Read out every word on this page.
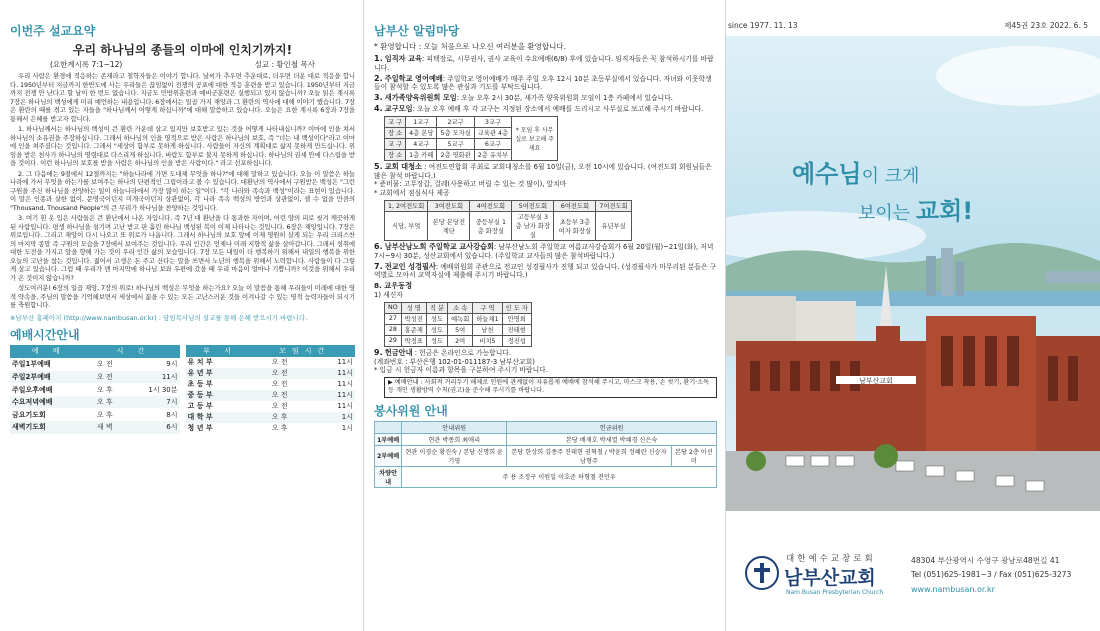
이번주 설교요약
우리 하나님의 종들의 이마에 인치기까지!
(요한계시록 7:1~12)	설교 : 황인철 목사

우리 사람은 환경에 적응하는 존재라고 철학자들은 이야기 합니다. 날씨가 추우면 추운대로, 더우면 더운 대로 적응을 합니다. 1950년부터 지금까지 한반도에 사는 우리들은 끊임없이 전쟁의 공포에 대한 적응 훈련을 받고 있습니다. 1950년부터 지금까지 전쟁 안 난다고 할 날이 한 번도 없습니다. 지금도 민방위훈련과 예비군훈련은 실행되고 있지 않습니까? 오늘 읽은 계시록 7장은 하나님의 백성에게 미리 예언하는 내용입니다. 6장에서는 일곱 가지 재앙과 그 환란의 역사에 대해 이야기 했습니다. 7장은 환란의 때를 겪고 있는 자들을 "하나님께서 어떻게 하십니까"에 대해 말씀하고 있습니다. 오늘은 요한 계시록 6장과 7장을 통해서 은혜를 받고자 합니다.

1. 하나님께서는 하나님의 백성이 큰 환란 가운데 살고 있지만 보호받고 있는 것을 어떻게 나타내십니까? 이마에 인을 쳐서 하나님의 소유권을 주장하십니다. 그래서 하나님의 인을 영적으로 받은 사람은 하나님의 보호, 즉 "너는 내 백성이다"라고 이마에 인을 쳐주셨다는 것입니다. 그래서 "세상이 함부로 못하게 하십니다. 사람들이 자신의 계획대로 삶지 못하게 만드십니다. 위임을 받은 천사가 하나님의 명령대로 다스리게 하십니다. 바람도 함부로 불지 못하게 하십니다. 하나님의 권세 안에 다스림을 받을 것이다. 이런 하나님의 보호를 받을 사람은 하나님의 인을 받은 사람이다." 라고 선포하십니다.

2. 그 다음에는 9절에서 12절까지는 "하늘나라에 가면 도대체 무엇을 하나?"에 대해 말하고 있습니다. 오늘 이 말씀은 하늘나라에 가서 무엇을 하는가를 보여주는 하나의 단편적인 그림이라고 볼 수 있습니다. 대환난의 역사에서 구원받은 백성은 "그런 구원을 주신 하나님을 찬양하는 일이 하늘나라에서 가장 많이 하는 일"이다. "각 나라와 족속과 백성"이라는 표현이 있습니다. 이 말은 인종과 살한 없이, 문명국이던지 미개국이던지 상관없이, 각 나라 족속 백성의 방언과 상관없이, 셀 수 없을 만큼의 "Thousand, Thousand People"의 큰 무리가 하나님을 찬양하는 것입니다.

3. 여기 흰 옷 입은 사람들은 큰 환난에서 나온 자입니다. 즉 7년 대 환난을 다 통과한 자이며, 어린 양의 피로 씻겨 깨끗하게 된 사람입니다. 평생 하나님을 섬기며 고난 받고 판 흘린 하나님 백성된 복이 이제 나타나는 것입니다. 6장은 재앙입니다. 7장은 위로입니다. 그리고 재앙이 다시 나오고 또 위로가 나옵니다. 그래서 하나님의 보호 앞에 이제 영원히 살게 되는 우리 크리스찬의 마지막 종말 즉 구원의 모습을 7장에서 보여주는 것입니다. 우리 인간은 언제나 미래 지향적 삶을 살아갑니다. 그래서 성취에 대한 도전을 가지고 앞을 향해 가는 것이 우리 인간 삶의 모습입니다. 7장 모든 내일이 더 행복하기 위해서 내일의 행복을 위한 오늘의 고난을 참는 것입니다. 젊어서 고생은 돈 주고 산다는 말을 쓰면서 노년의 행복을 위해서 노력합니다. 사람들이 다 그렇게 살고 있습니다. 그럼 때 우리가 맨 마지막에 하나님 보좌 우편에 갔을 때 우리 마음이 얼마나 기쁩니까? 이것을 위해서 우리가 온 것이지 않습니까?

성도여러분! 6장의 일곱 재앙, 7장의 위로! 하나님의 백성은 무엇을 하는가요? 오늘 이 말씀을 통해 우리들이 미래에 대한 영적 약속을, 주님의 말씀을 기억해보면서 세상에서 짊을 수 있는 모든 고난스러운 것들 이겨나갈 수 있는 영적 능력자들이 되시기를 축원합니다.

※남부산 홈페이지 (http://www.nambusan.or.kr) : 담임목사님의 설교를 통해 은혜 받으시기 바랍니다.
예배시간안내
예 배	시 간	
주일1부예배	오 전	9시
주일2부예배	오 전	11시
주일오후예배	오 후	1시 30분
수요저녁예배	오 후	7시
금요기도회	오 후	8시
새벽기도회	새 벽	6시
부 서	모임시간	
유 치 부	오 전	11시
유 년 부	오 전	11시
초 등 부	오 전	11시
중 등 부	오 전	11시
고 등 부	오 전	11시
대 학 부	오 후	1시
청 년 부	오 후	1시
남부산 알림마당
* 환영합니다 : 오늘 처음으로 나오신 여러분을 환영합니다.
1. 임직자 교육: 피택장로, 시무권사, 권사 교육이 수요예배(6/8) 후에 있습니다. 임직자들은 꼭 참석하시기를 바랍니다.
2. 주일학교 영어예배: 주일학교 영어예배가 매주 주일 오후 12시 10분 초등부실에서 있습니다. 자녀와 이웃학생들이 참석할 수 있도록 많은 관심과 기도를 부탁드립니다.
3. 새가족양육위원회 모임: 오늘 오후 2시 30분, 새가족 양육위원회 모임이 1층 카페에서 있습니다.
4. 교구모임: 오늘 오후 예배 후 각 교구는 지정된 장소에서 예배를 드리시고 사무실로 보고해 주시기 바랍니다.
교 구	1교구	2교구	3교구	* 모임 후 사무실로 보고해 주세요
장 소	4층 본당	5층 모자실	교육관 4층	
교 구	4교구	5교구	6교구	
장 소	1층 카페	2층 영화관	2층 유치부	
5. 교회 대청소 : 여전도연합회 주최로 교회대청소를 6월 10일(금), 오전 10시에 있습니다. (여전도회 회원님들은 많은 참석 바랍니다.)
* 준비물: 고무장갑, 걸레(사용하고 버릴 수 있는 것 많이), 앞치마
* 교회에서 점심식사 제공
1, 2여전도회	3여전도회	4여전도회	5여전도회	6여전도회	7여전도회
식당, 부엌	본당 본당전 계단	중등부실 1층 화장실	고등부실 3층 남자 화장실	초등부 3층 여자 화장실	유년부실
6. 남부산남노회 주일학교 교사강습회: 남부산남노회 주일학교 여름교사강습회가 6월 20일(월)~21일(화), 저녁 7시~9시 30분, 성산교회에서 있습니다. (주일학교 교사들의 많은 참석바랍니다.)
7. 전교인 성경필사: 예배위원회 주관으로 전교인 성경필사가 진행 되고 있습니다. (성경필사가 마무리된 분들은 구역별로 모아서 교역자실에 제출해 주시기 바랍니다.)
8. 교우동정
1) 새신자
NO	성 명	직 분	소 속	구 역	인 도 자
27	박성진	성도	예녹회	하늘채1	안명희
28	홍준재	성도	5여	남천	진태현
29	박정표	성도	2여	비치5	정진섭
9. 헌금안내 : 헌금은 온라인으로 가능합니다.
(계좌번호 : 부산은행 102-01-011187-3 남부산교회)
* 입금 시 헌금자 이름과 항목을 구분하여 주시기 바랍니다.
▶ 예배안내 : 사회적 거리두기 해제로 인원에 관계없이 자유롭게 예배에 참석해 주시고, 마스크 착용, 손 씻기, 환기·소독 등 개인 생활방역 수칙(권고)을 준수해 주시기를 바랍니다.
봉사위원 안내
	안내위원	헌금위원	
1부예배	현관 박종희 최애리	본당 배재호 박세열 박혜경 신은숙	
2부예배	현관 이경순 황진숙 / 본당 신명희 윤기영	본당 한상희 김종주 진태현 권혁철 / 박윤희 정혜란 신승자 남형주	본당 2층 이선미
차량안내	주 용 조정구 이원일 이호준 하형철 전민우		
since 1977. 11. 13	제45권 23호 2022. 6. 5
남부산교회
예수님이 크게
보이는 교회!
대한예수교장로회
남부산교회
Nam Busan Presbyterian Church
48304 부산광역시 수영구 광남로48번길 41
Tel (051)625-1981~3 / Fax (051)625-3273
www.nambusan.or.kr
